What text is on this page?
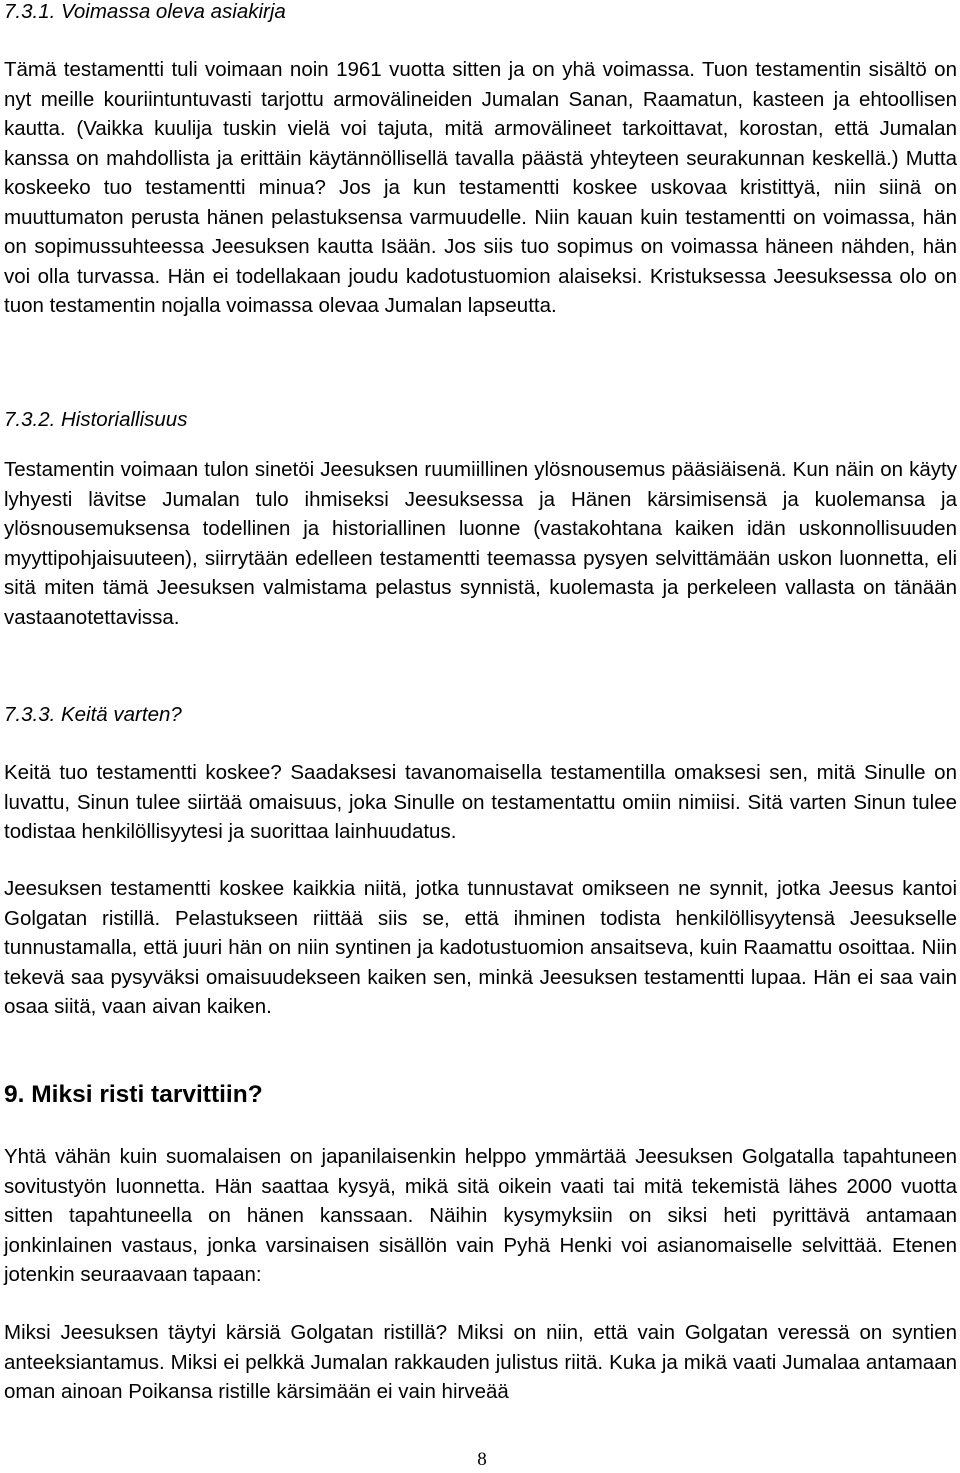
7.3.1. Voimassa oleva asiakirja

Tämä testamentti tuli voimaan noin 1961 vuotta sitten ja on yhä voimassa. Tuon testamentin sisältö on nyt meille kouriintuntuvasti tarjottu armovälineiden Jumalan Sanan, Raamatun, kasteen ja ehtoollisen kautta. (Vaikka kuulija tuskin vielä voi tajuta, mitä armovälineet tarkoittavat, korostan, että Jumalan kanssa on mahdollista ja erittäin käytännöllisellä tavalla päästä yhteyteen seurakunnan keskellä.) Mutta koskeeko tuo testamentti minua? Jos ja kun testamentti koskee uskovaa kristittyä, niin siinä on muuttumaton perusta hänen pelastuksensa varmuudelle. Niin kauan kuin testamentti on voimassa, hän on sopimussuhteessa Jeesuksen kautta Isään. Jos siis tuo sopimus on voimassa häneen nähden, hän voi olla turvassa. Hän ei todellakaan joudu kadotustuomion alaiseksi. Kristuksessa Jeesuksessa olo on tuon testamentin nojalla voimassa olevaa Jumalan lapseutta.

7.3.2. Historiallisuus

Testamentin voimaan tulon sinetöi Jeesuksen ruumiillinen ylösnousemus pääsiäisenä. Kun näin on käyty lyhyesti lävitse Jumalan tulo ihmiseksi Jeesuksessa ja Hänen kärsimisensä ja kuolemansa ja ylösnousemuksensa todellinen ja historiallinen luonne (vastakohtana kaiken idän uskonnollisuuden myyttipohjaisuuteen), siirrytään edelleen testamentti teemassa pysyen selvittämään uskon luonnetta, eli sitä miten tämä Jeesuksen valmistama pelastus synnistä, kuolemasta ja perkeleen vallasta on tänään vastaanotettavissa.

7.3.3. Keitä varten?

Keitä tuo testamentti koskee? Saadaksesi tavanomaisella testamentilla omaksesi sen, mitä Sinulle on luvattu, Sinun tulee siirtää omaisuus, joka Sinulle on testamentattu omiin nimiisi. Sitä varten Sinun tulee todistaa henkilöllisyytesi ja suorittaa lainhuudatus.

Jeesuksen testamentti koskee kaikkia niitä, jotka tunnustavat omikseen ne synnit, jotka Jeesus kantoi Golgatan ristillä. Pelastukseen riittää siis se, että ihminen todista henkilöllisyytensä Jeesukselle tunnustamalla, että juuri hän on niin syntinen ja kadotustuomion ansaitseva, kuin Raamattu osoittaa. Niin tekevä saa pysyväksi omaisuudekseen kaiken sen, minkä Jeesuksen testamentti lupaa. Hän ei saa vain osaa siitä, vaan aivan kaiken.

9. Miksi risti tarvittiin?

Yhtä vähän kuin suomalaisen on japanilaisenkin helppo ymmärtää Jeesuksen Golgatalla tapahtuneen sovitustyön luonnetta. Hän saattaa kysyä, mikä sitä oikein vaati tai mitä tekemistä lähes 2000 vuotta sitten tapahtuneella on hänen kanssaan. Näihin kysymyksiin on siksi heti pyrittävä antamaan jonkinlainen vastaus, jonka varsinaisen sisällön vain Pyhä Henki voi asianomaiselle selvittää. Etenen jotenkin seuraavaan tapaan:

Miksi Jeesuksen täytyi kärsiä Golgatan ristillä? Miksi on niin, että vain Golgatan veressä on syntien anteeksiantamus. Miksi ei pelkkä Jumalan rakkauden julistus riitä. Kuka ja mikä vaati Jumalaa antamaan oman ainoan Poikansa ristille kärsimään ei vain hirveää

8
